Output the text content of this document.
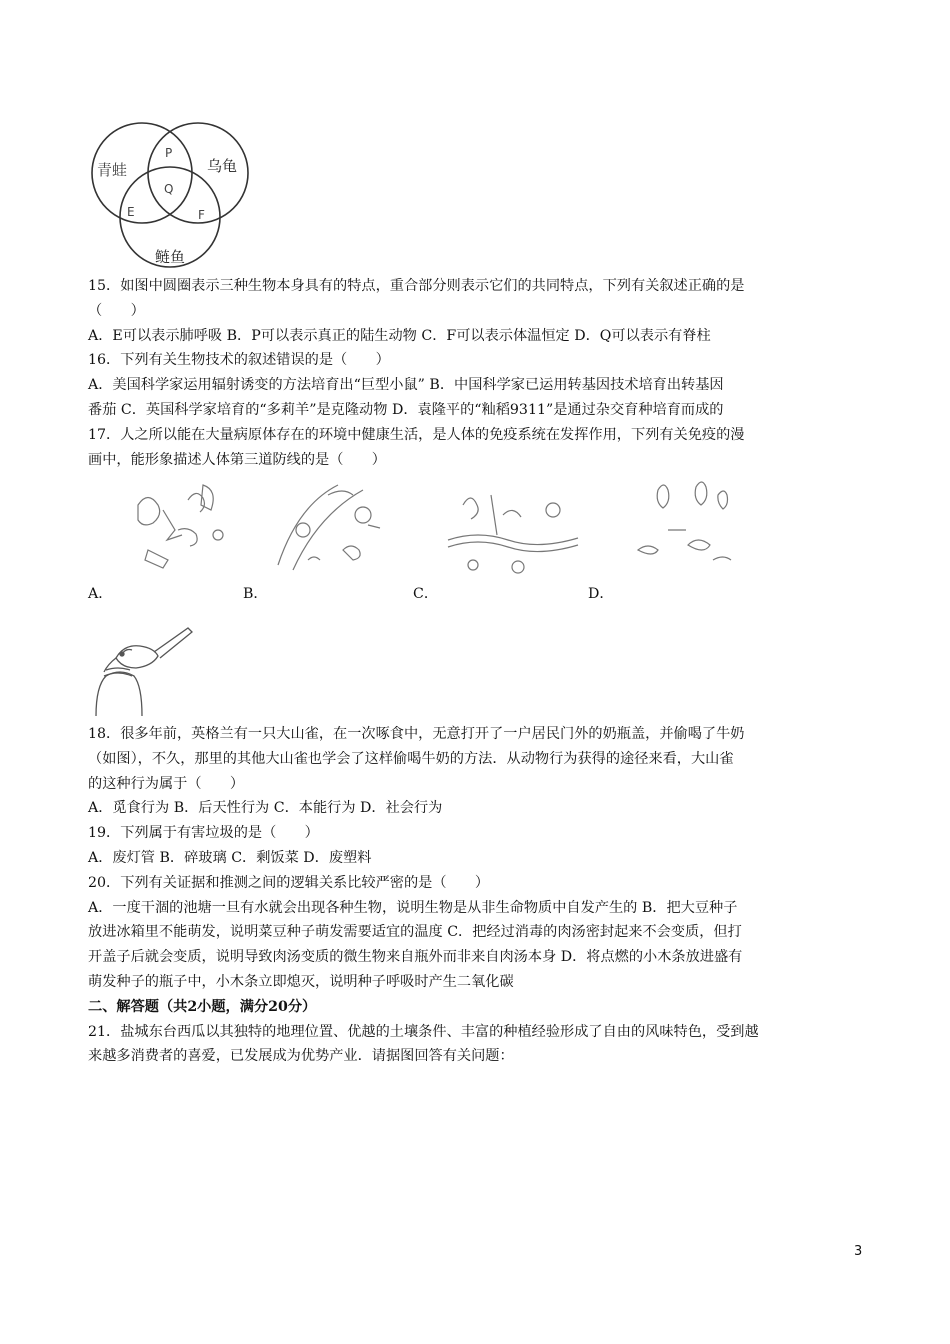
青蛙	乌龟
鲢鱼
P
Q
E	F
15．如图中圆圈表示三种生物本身具有的特点，重合部分则表示它们的共同特点，下列有关叙述正确的是
（　　）
A．E可以表示肺呼吸 B．P可以表示真正的陆生动物 C．F可以表示体温恒定 D．Q可以表示有脊柱
16．下列有关生物技术的叙述错误的是（　　）
A．美国科学家运用辐射诱变的方法培育出“巨型小鼠” B．中国科学家已运用转基因技术培育出转基因
番茄 C．英国科学家培育的“多莉羊”是克隆动物 D．袁隆平的“籼稻9311”是通过杂交育种培育而成的
17．人之所以能在大量病原体存在的环境中健康生活，是人体的免疫系统在发挥作用，下列有关免疫的漫
画中，能形象描述人体第三道防线的是（　　）
A．	B．	C．	D．
18．很多年前，英格兰有一只大山雀，在一次啄食中，无意打开了一户居民门外的奶瓶盖，并偷喝了牛奶
（如图），不久，那里的其他大山雀也学会了这样偷喝牛奶的方法．从动物行为获得的途径来看，大山雀
的这种行为属于（　　）
A．觅食行为 B．后天性行为 C．本能行为 D．社会行为
19．下列属于有害垃圾的是（　　）
A．废灯管 B．碎玻璃 C．剩饭菜 D．废塑料
20．下列有关证据和推测之间的逻辑关系比较严密的是（　　）
A．一度干涸的池塘一旦有水就会出现各种生物，说明生物是从非生命物质中自发产生的 B．把大豆种子
放进冰箱里不能萌发，说明菜豆种子萌发需要适宜的温度 C．把经过消毒的肉汤密封起来不会变质，但打
开盖子后就会变质，说明导致肉汤变质的微生物来自瓶外而非来自肉汤本身 D．将点燃的小木条放进盛有
萌发种子的瓶子中，小木条立即熄灭，说明种子呼吸时产生二氧化碳
二、解答题（共2小题，满分20分）
21．盐城东台西瓜以其独特的地理位置、优越的土壤条件、丰富的种植经验形成了自由的风味特色，受到越
来越多消费者的喜爱，已发展成为优势产业．请据图回答有关问题：
3
